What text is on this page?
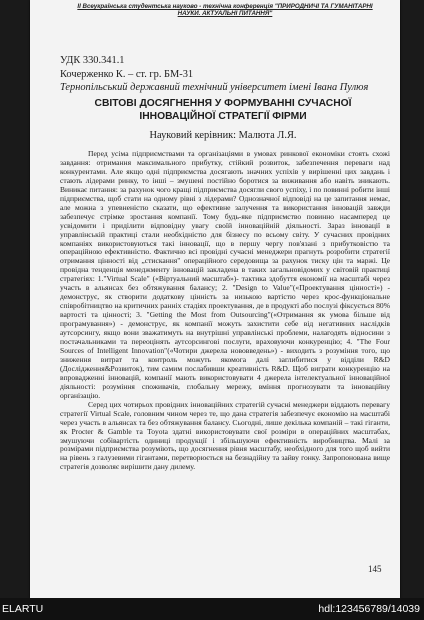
II Всеукраїнська студентська науково - технічна конференція "ПРИРОДНИЧІ ТА ГУМАНІТАРНІ НАУКИ. АКТУАЛЬНІ ПИТАННЯ"
УДК 330.341.1
Кочерженко К. – ст. гр. БМ-31
Тернопільський державний технічний університет імені Івана Пулюя
СВІТОВІ ДОСЯГНЕННЯ У ФОРМУВАННІ СУЧАСНОЇ ІННОВАЦІЙНОЇ СТРАТЕГІЇ ФІРМИ
Науковий керівник: Малюта Л.Я.

Перед усіма підприємствами та організаціями в умовах ринкової економіки стоять схожі завдання: отримання максимального прибутку, стійкий розвиток, забезпечення переваги над конкурентами. Але якщо одні підприємства досягають значних успіхів у вирішенні цих завдань і стають лідерами ринку, то інші – змушені постійно боротися за виживання або навіть зникають. Виникає питання: за рахунок чого кращі підприємства досягли свого успіху, і по повинні робити інші підприємства, щоб стати на одному рівні з лідерами? Однозначної відповіді на це запитання немає, але можна з упевненістю сказати, що ефективне залучення та використання інновацій завжди забезпечує стрімке зростання компанії. Тому будь-яке підприємство повинно насамперед це усвідомити і приділити відповідну увагу своїй інноваційній діяльності. Зараз інновації в управлінській практиці стали необхідністю для бізнесу по всьому світу. У сучасних провідних компаніях використовуються такі інновації, що в першу чергу пов'язані з прибутковістю та операційною ефективністю. Фактично всі провідні сучасні менеджери прагнуть розробити стратегії отримання цінності від „стискання" операційного середовища за рахунок тиску цін та маржі. Це провідна тенденція менеджменту інновацій закладена в таких загальновідомих у світовій практиці стратегіях: 1."Virtual Scale" («Віртуальний масштаб»)- тактика здобуття економії на масштабі через участь в альянсах без обтяжування балансу; 2. "Design to Value"(«Проектування цінності») - демонструє, як створити додаткову цінність за низькою вартістю через крос-функціональне співробітництво на критичних ранніх стадіях проектування, де в продукті або послузі фіксується 80% вартості та цінності; 3. "Getting the Most from Outsourcing"(«Отримання як умова більше від програмування») - демонструє, як компанії можуть захистити себе від негативних наслідків аутсорсингу, якщо вони зважатимуть на внутрішні управлінські проблеми, налагодять відносини з постачальниками та переоцінять аутсорсингові послуги, враховуючи конкуренцію; 4. "The Four Sources of Intelligent Innovation"(«Чотири джерела нововведень») - виходить з розуміння того, що зниження витрат та контроль можуть якомога далі заглибитися у відділи R&D (Дослідження&Розвиток), тим самим послабивши креативність R&D. Щоб виграти конкуренцію на впровадженні інновацій, компанії мають використовувати 4 джерела інтелектуальної інноваційної діяльності: розуміння споживачів, глобальну мережу, вміння прогнозувати та інноваційну організацію.

Серед цих чотирьох провідних інноваційних стратегій сучасні менеджери віддають перевагу стратегії Virtual Scale, головним чином через те, що дана стратегія забезпечує економію на масштабі через участь в альянсах та без обтяжування балансу. Сьогодні, лише декілька компаній – такі гіганти, як Procter & Gamble та Toyota здатні використовувати свої розміри в операційних масштабах, змушуючи собівартість одиниці продукції і збільшуючи ефективність виробництва. Малі за розмірами підприємства розуміють, що досягнення рівня масштабу, необхідного для того щоб вийти на рівень з галузевими гігантами, перетворюється на безнадійну та зайву гонку. Запропонована вище стратегія дозволяє вирішити дану дилему.

145
ELARTU	hdl:123456789/14039
